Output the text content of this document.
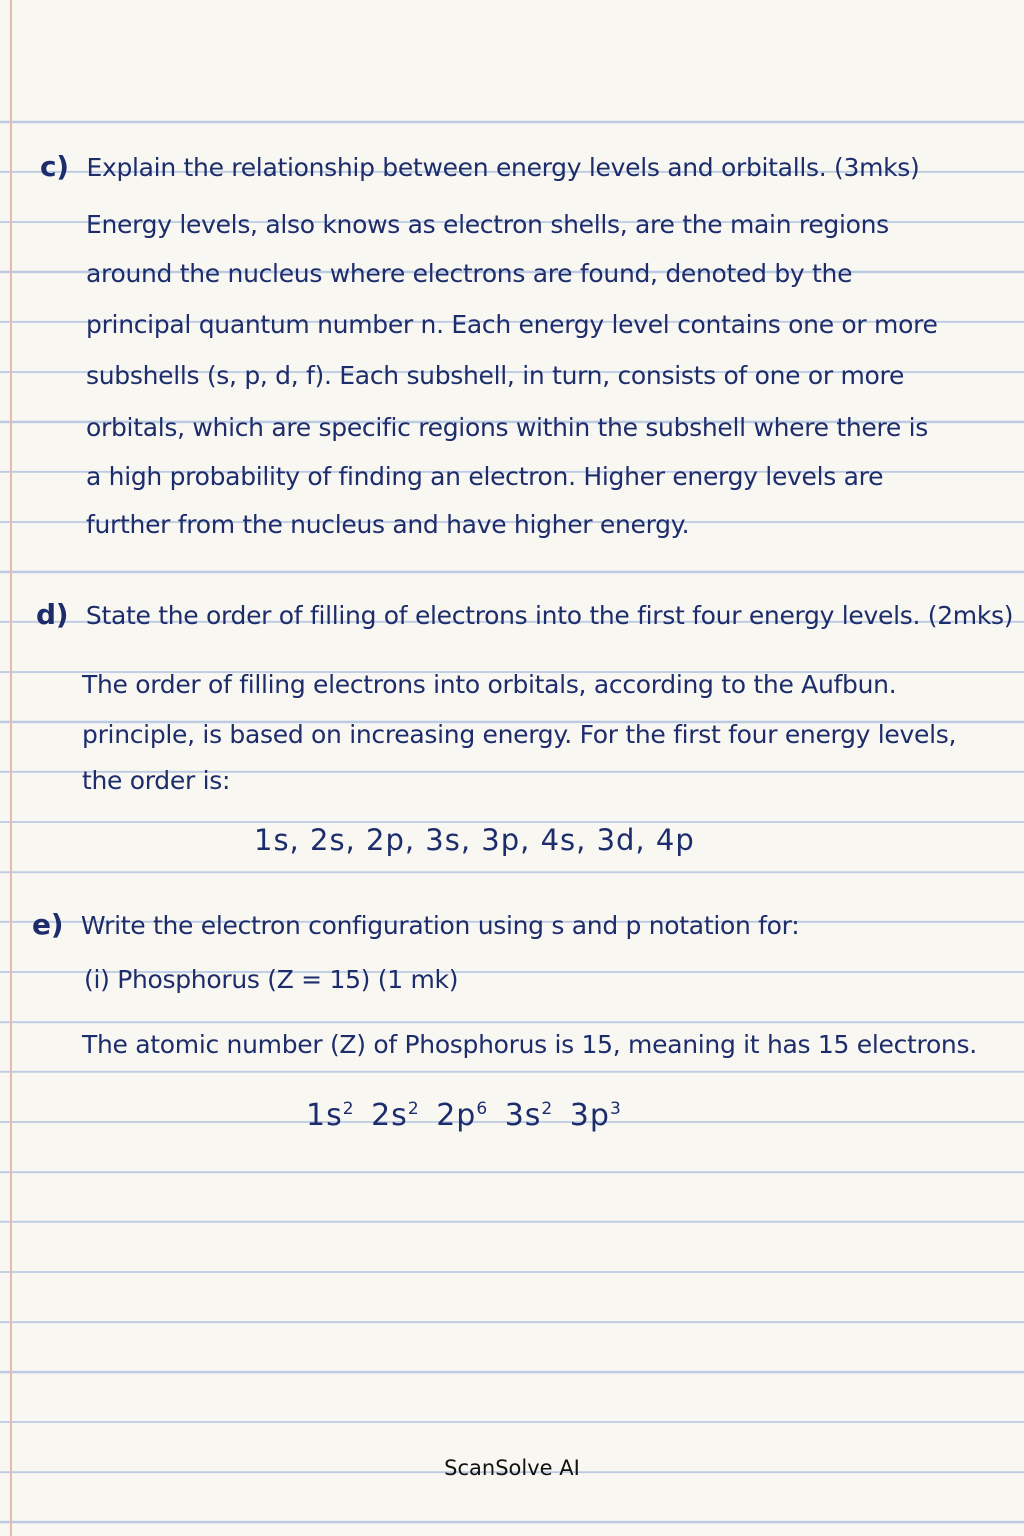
c) Explain the relationship between energy levels and orbitalls. (3mks)
Energy levels, also knows as electron shells, are the main regions
around the nucleus where electrons are found, denoted by the
principal quantum number n. Each energy level contains one or more
subshells (s, p, d, f). Each subshell, in turn, consists of one or more
orbitals, which are specific regions within the subshell where there is
a high probability of finding an electron. Higher energy levels are
further from the nucleus and have higher energy.
d) State the order of filling of electrons into the first four energy levels. (2mks)
The order of filling electrons into orbitals, according to the Aufbun.
principle, is based on increasing energy. For the first four energy levels,
the order is:
1s, 2s, 2p, 3s, 3p, 4s, 3d, 4p
e) Write the electron configuration using s and p notation for:
(i) Phosphorus (Z = 15) (1 mk)
The atomic number (Z) of Phosphorus is 15, meaning it has 15 electrons.
$1s^2$ $2s^2$ $2p^6$ $3s^2$ $3p^3$
ScanSolve AI
